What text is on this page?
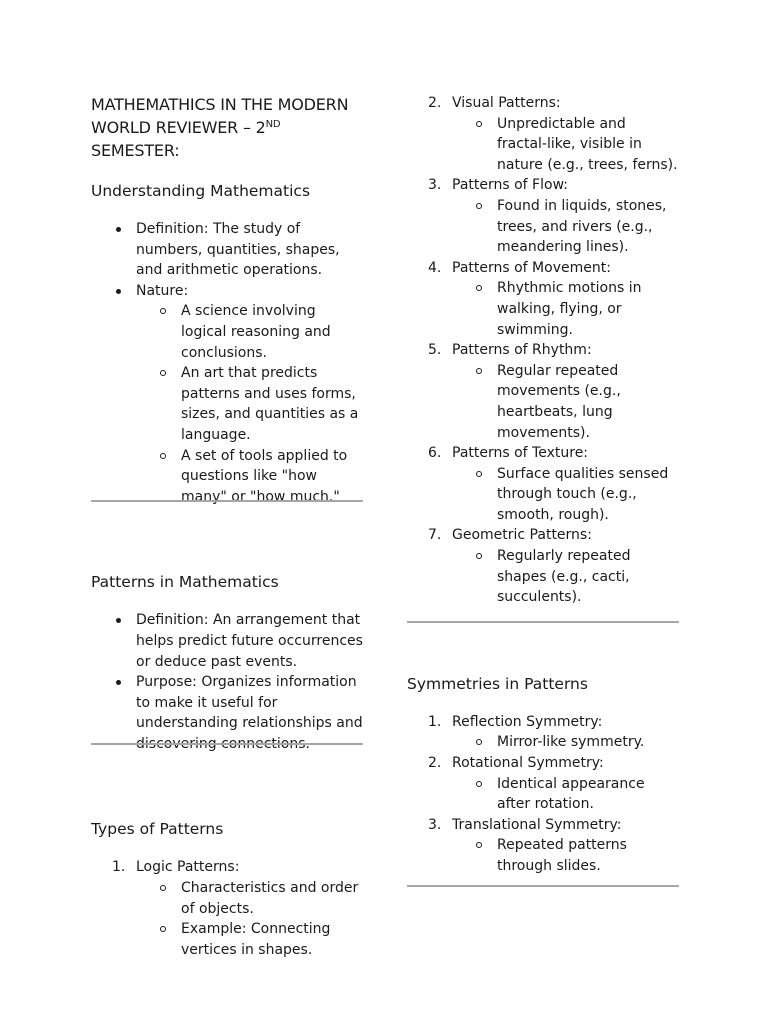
MATHEMATHICS IN THE MODERN
WORLD REVIEWER – 2ND SEMESTER:
Understanding Mathematics
Definition: The study of numbers, quantities, shapes, and arithmetic operations.
Nature:
A science involving logical reasoning and conclusions.
An art that predicts patterns and uses forms, sizes, and quantities as a language.
A set of tools applied to questions like "how many" or "how much."
Patterns in Mathematics
Definition: An arrangement that helps predict future occurrences or deduce past events.
Purpose: Organizes information to make it useful for understanding relationships and discovering connections.
Types of Patterns
1. Logic Patterns:
Characteristics and order of objects.
Example: Connecting vertices in shapes.
2. Visual Patterns:
Unpredictable and fractal-like, visible in nature (e.g., trees, ferns).
3. Patterns of Flow:
Found in liquids, stones, trees, and rivers (e.g., meandering lines).
4. Patterns of Movement:
Rhythmic motions in walking, flying, or swimming.
5. Patterns of Rhythm:
Regular repeated movements (e.g., heartbeats, lung movements).
6. Patterns of Texture:
Surface qualities sensed through touch (e.g., smooth, rough).
7. Geometric Patterns:
Regularly repeated shapes (e.g., cacti, succulents).
Symmetries in Patterns
1. Reflection Symmetry:
Mirror-like symmetry.
2. Rotational Symmetry:
Identical appearance after rotation.
3. Translational Symmetry:
Repeated patterns through slides.
